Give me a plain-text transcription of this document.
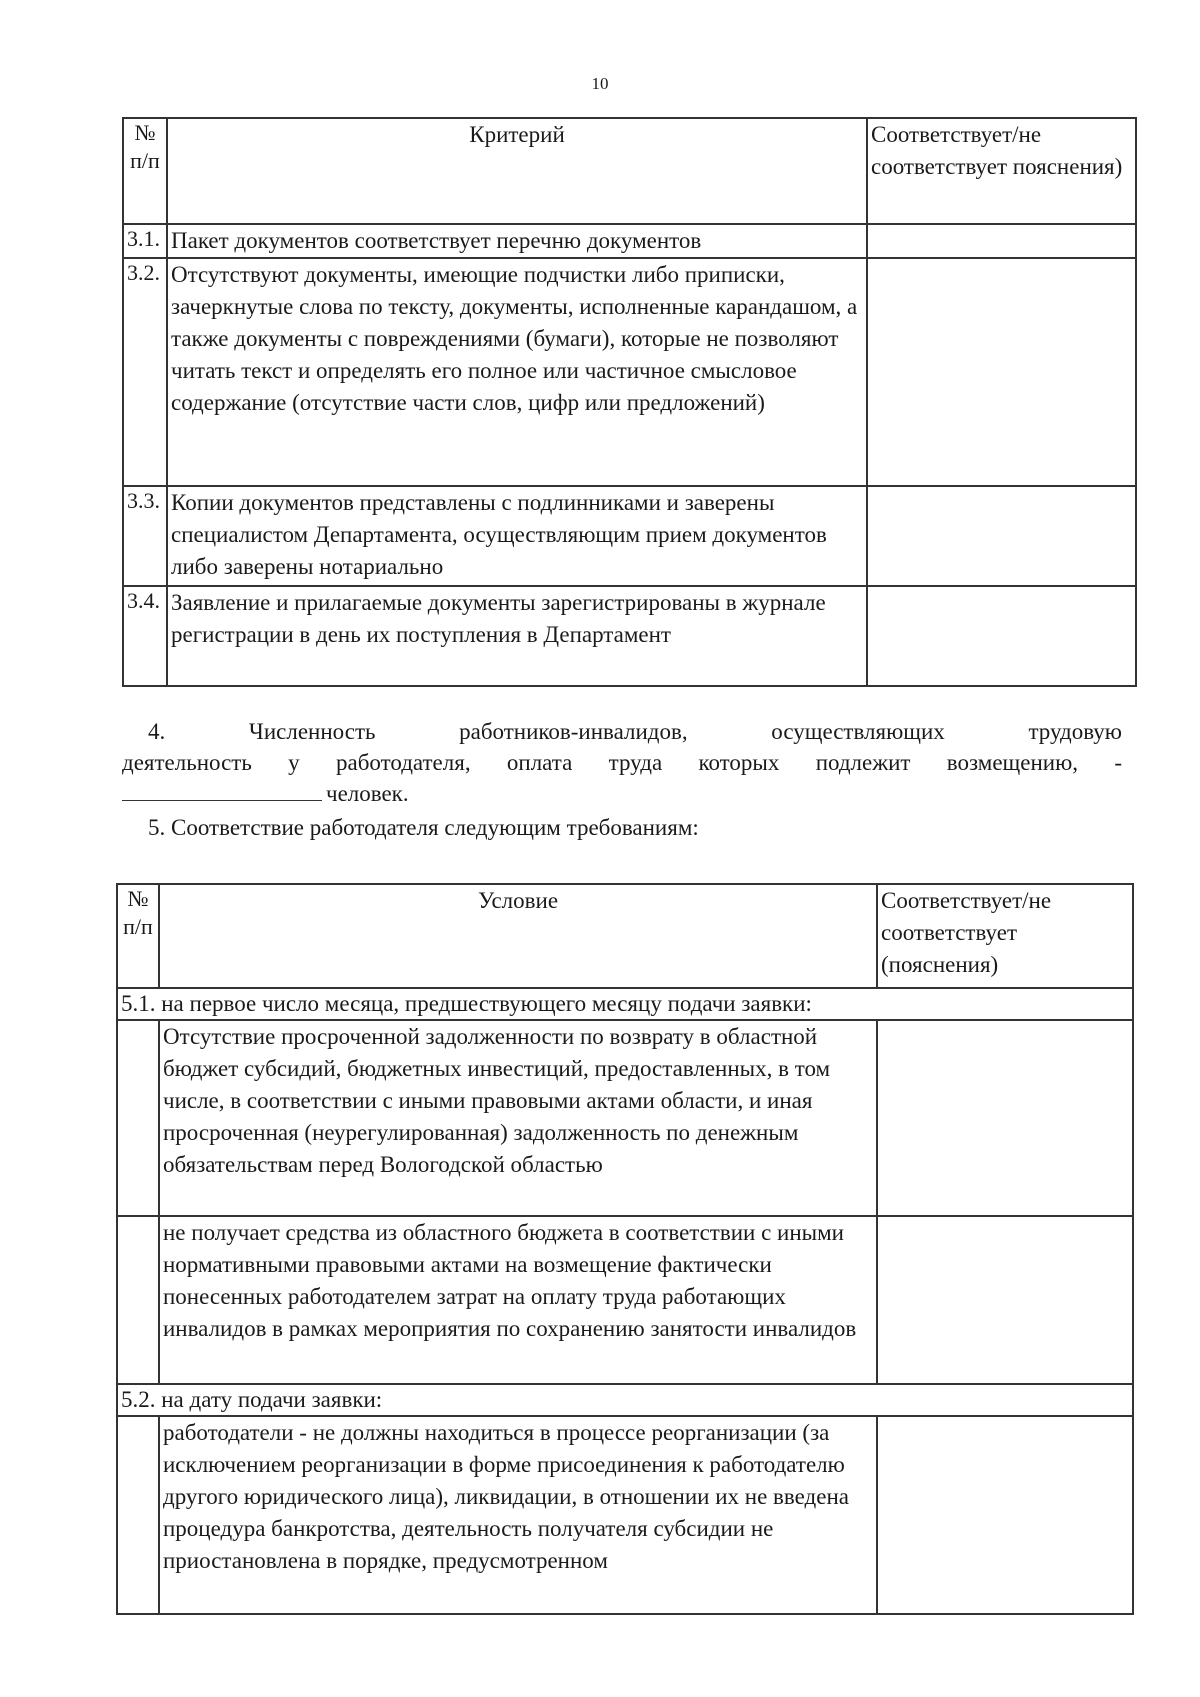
10
№ п/п	Критерий	Соответствует/не соответствует пояснения)
3.1.	Пакет документов соответствует перечню документов	
3.2.	Отсутствуют документы, имеющие подчистки либо приписки, зачеркнутые слова по тексту, документы, исполненные карандашом, а также документы с повреждениями (бумаги), которые не позволяют читать текст и определять его полное или частичное смысловое содержание (отсутствие части слов, цифр или предложений)	
3.3.	Копии документов представлены с подлинниками и заверены специалистом Департамента, осуществляющим прием документов либо заверены нотариально	
3.4.	Заявление и прилагаемые документы зарегистрированы в журнале регистрации в день их поступления в Департамент	
4. Численность работников-инвалидов, осуществляющих трудовую
деятельность у работодателя, оплата труда которых подлежит возмещению, -
человек.
5. Соответствие работодателя следующим требованиям:
№ п/п	Условие	Соответствует/не соответствует (пояснения)
5.1. на первое число месяца, предшествующего месяцу подачи заявки:		
	Отсутствие просроченной задолженности по возврату в областной бюджет субсидий, бюджетных инвестиций, предоставленных, в том числе, в соответствии с иными правовыми актами области, и иная просроченная (неурегулированная) задолженность по денежным обязательствам перед Вологодской областью	
	не получает средства из областного бюджета в соответствии с иными нормативными правовыми актами на возмещение фактически понесенных работодателем затрат на оплату труда работающих инвалидов в рамках мероприятия по сохранению занятости инвалидов	
5.2. на дату подачи заявки:		
	работодатели - не должны находиться в процессе реорганизации (за исключением реорганизации в форме присоединения к работодателю другого юридического лица), ликвидации, в отношении их не введена процедура банкротства, деятельность получателя субсидии не приостановлена в порядке, предусмотренном	
